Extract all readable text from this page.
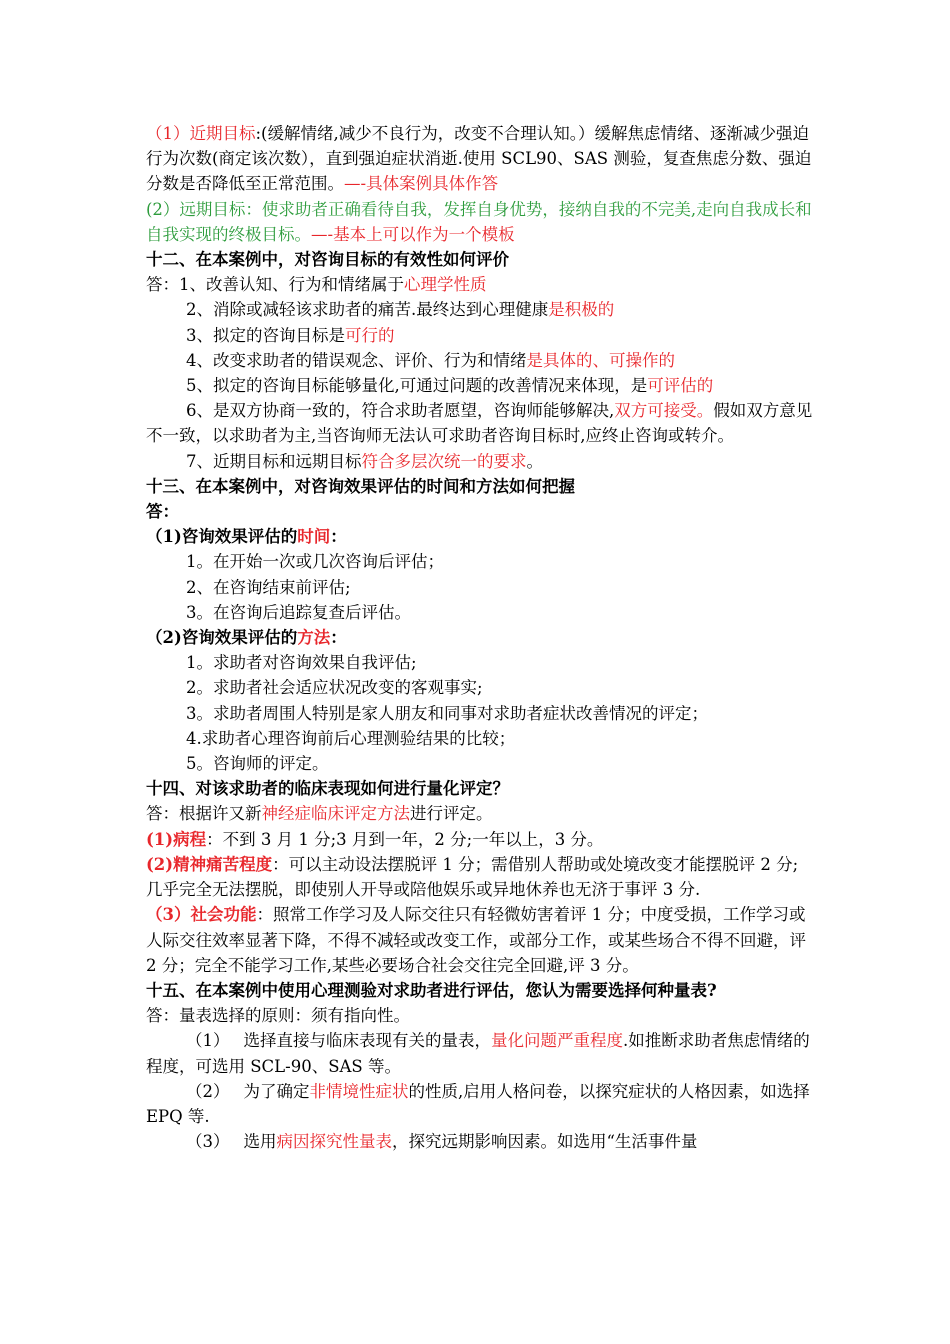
（1）近期目标:(缓解情绪,减少不良行为，改变不合理认知。）缓解焦虑情绪、逐渐减少强迫行为次数(商定该次数），直到强迫症状消逝.使用 SCL90、SAS 测验，复查焦虑分数、强迫分数是否降低至正常范围。—-具体案例具体作答

(2）远期目标：使求助者正确看待自我，发挥自身优势，接纳自我的不完美,走向自我成长和自我实现的终极目标。—-基本上可以作为一个模板

十二、在本案例中，对咨询目标的有效性如何评价

答：1、改善认知、行为和情绪属于心理学性质

2、消除或减轻该求助者的痛苦.最终达到心理健康是积极的

3、拟定的咨询目标是可行的

4、改变求助者的错误观念、评价、行为和情绪是具体的、可操作的

5、拟定的咨询目标能够量化,可通过问题的改善情况来体现，是可评估的

6、是双方协商一致的，符合求助者愿望，咨询师能够解决,双方可接受。假如双方意见不一致，以求助者为主,当咨询师无法认可求助者咨询目标时,应终止咨询或转介。

7、近期目标和远期目标符合多层次统一的要求。

十三、在本案例中，对咨询效果评估的时间和方法如何把握

答：

（1)咨询效果评估的时间：

1。在开始一次或几次咨询后评估；

2、在咨询结束前评估;

3。在咨询后追踪复查后评估。

（2)咨询效果评估的方法：

1。求助者对咨询效果自我评估;

2。求助者社会适应状况改变的客观事实;

3。求助者周围人特别是家人朋友和同事对求助者症状改善情况的评定；

4.求助者心理咨询前后心理测验结果的比较；

5。咨询师的评定。

十四、对该求助者的临床表现如何进行量化评定？

答：根据许又新神经症临床评定方法进行评定。

(1)病程：不到 3 月 1 分;3 月到一年，2 分;一年以上，3 分。

(2)精神痛苦程度：可以主动设法摆脱评 1 分；需借别人帮助或处境改变才能摆脱评 2 分;几乎完全无法摆脱，即使别人开导或陪他娱乐或异地休养也无济于事评 3 分.

（3）社会功能：照常工作学习及人际交往只有轻微妨害着评 1 分；中度受损，工作学习或人际交往效率显著下降，不得不减轻或改变工作，或部分工作，或某些场合不得不回避，评 2 分；完全不能学习工作,某些必要场合社会交往完全回避,评 3 分。

十五、在本案例中使用心理测验对求助者进行评估，您认为需要选择何种量表?

答：量表选择的原则：须有指向性。

（1） 选择直接与临床表现有关的量表，量化问题严重程度.如推断求助者焦虑情绪的程度，可选用 SCL-90、SAS 等。

（2） 为了确定非情境性症状的性质,启用人格问卷，以探究症状的人格因素，如选择 EPQ 等.

（3） 选用病因探究性量表，探究远期影响因素。如选用“生活事件量
